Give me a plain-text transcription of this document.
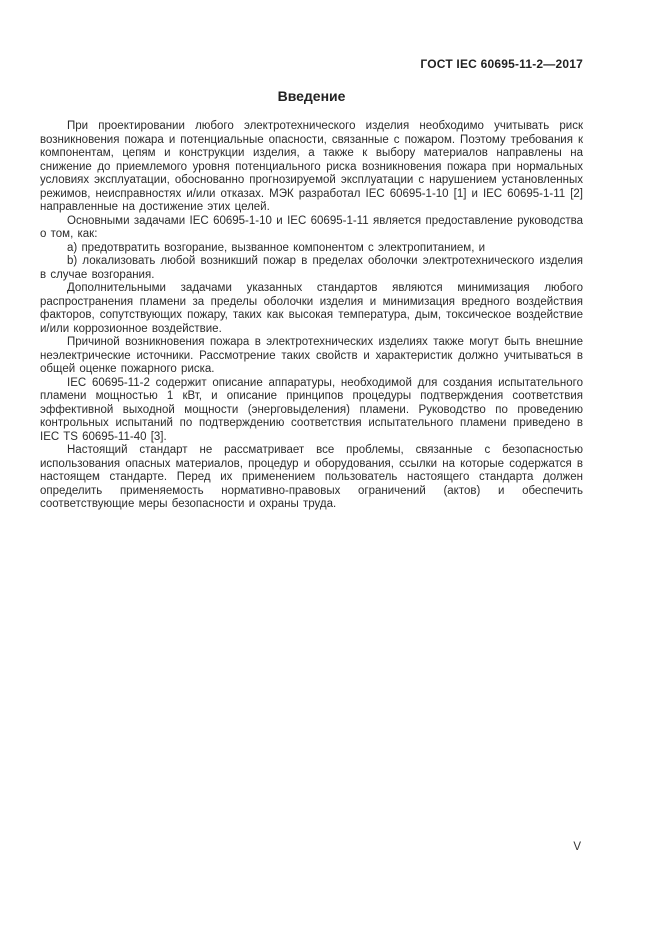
ГОСТ IEC 60695-11-2—2017
Введение

При проектировании любого электротехнического изделия необходимо учитывать риск возникновения пожара и потенциальные опасности, связанные с пожаром. Поэтому требования к компонентам, цепям и конструкции изделия, а также к выбору материалов направлены на снижение до приемлемого уровня потенциального риска возникновения пожара при нормальных условиях эксплуатации, обоснованно прогнозируемой эксплуатации с нарушением установленных режимов, неисправностях и/или отказах. МЭК разработал IEC 60695-1-10 [1] и IEC 60695-1-11 [2] направленные на достижение этих целей.

Основными задачами IEC 60695-1-10 и IEC 60695-1-11 является предоставление руководства о том, как:

a) предотвратить возгорание, вызванное компонентом с электропитанием, и

b) локализовать любой возникший пожар в пределах оболочки электротехнического изделия в случае возгорания.

Дополнительными задачами указанных стандартов являются минимизация любого распространения пламени за пределы оболочки изделия и минимизация вредного воздействия факторов, сопутствующих пожару, таких как высокая температура, дым, токсическое воздействие и/или коррозионное воздействие.

Причиной возникновения пожара в электротехнических изделиях также могут быть внешние неэлектрические источники. Рассмотрение таких свойств и характеристик должно учитываться в общей оценке пожарного риска.

IEC 60695-11-2 содержит описание аппаратуры, необходимой для создания испытательного пламени мощностью 1 кВт, и описание принципов процедуры подтверждения соответствия эффективной выходной мощности (энерговыделения) пламени. Руководство по проведению контрольных испытаний по подтверждению соответствия испытательного пламени приведено в IEC TS 60695-11-40 [3].

Настоящий стандарт не рассматривает все проблемы, связанные с безопасностью использования опасных материалов, процедур и оборудования, ссылки на которые содержатся в настоящем стандарте. Перед их применением пользователь настоящего стандарта должен определить применяемость нормативно-правовых ограничений (актов) и обеспечить соответствующие меры безопасности и охраны труда.

V
